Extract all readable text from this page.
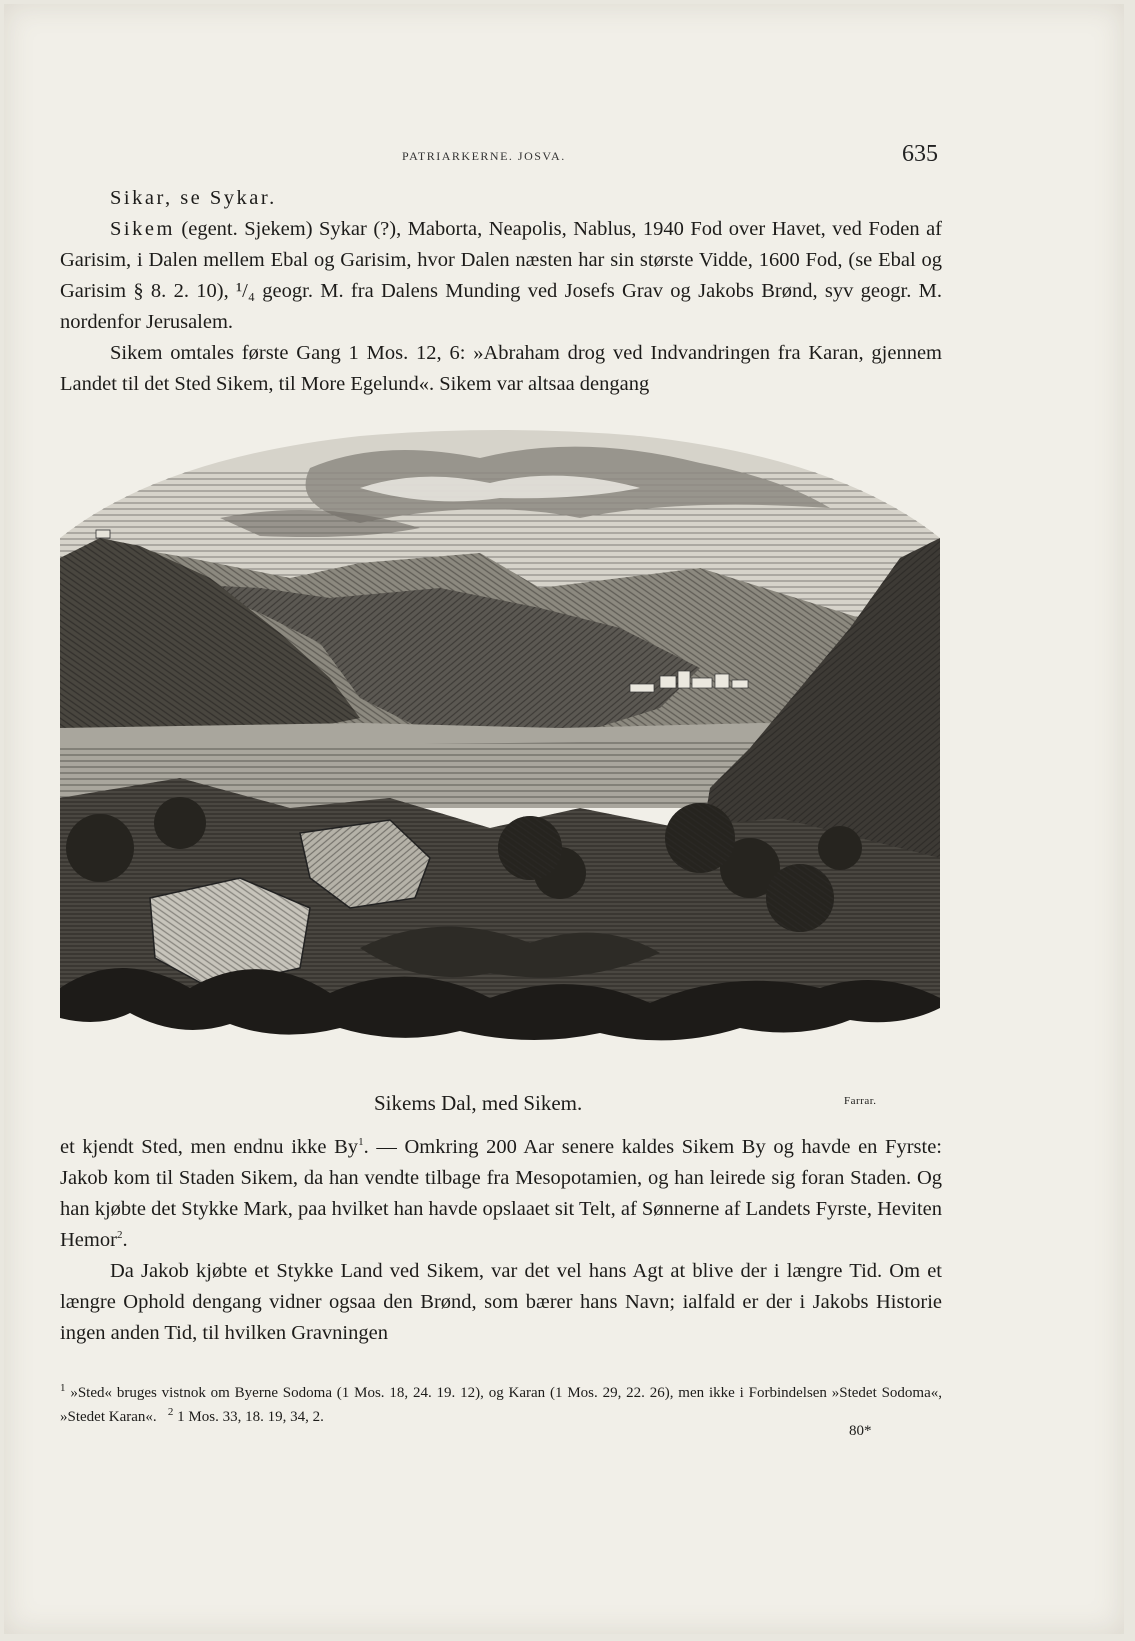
PATRIARKERNE. JOSVA.	635

Sikar, se Sykar.

Sikem (egent. Sjekem) Sykar (?), Maborta, Neapolis, Nablus, 1940 Fod over Havet, ved Foden af Garisim, i Dalen mellem Ebal og Garisim, hvor Dalen næsten har sin største Vidde, 1600 Fod, (se Ebal og Garisim § 8. 2. 10), ¹/₄ geogr. M. fra Dalens Munding ved Josefs Grav og Jakobs Brønd, syv geogr. M. nordenfor Jerusalem.

Sikem omtales første Gang 1 Mos. 12, 6: »Abraham drog ved Indvandringen fra Karan, gjennem Landet til det Sted Sikem, til More Egelund«. Sikem var altsaa dengang

Sikems Dal, med Sikem.	Farrar.

et kjendt Sted, men endnu ikke By$^1$. — Omkring 200 Aar senere kaldes Sikem By og havde en Fyrste: Jakob kom til Staden Sikem, da han vendte tilbage fra Mesopotamien, og han leirede sig foran Staden. Og han kjøbte det Stykke Mark, paa hvilket han havde opslaaet sit Telt, af Sønnerne af Landets Fyrste, Heviten Hemor$^2$.

Da Jakob kjøbte et Stykke Land ved Sikem, var det vel hans Agt at blive der i længre Tid. Om et længre Ophold dengang vidner ogsaa den Brønd, som bærer hans Navn; ialfald er der i Jakobs Historie ingen anden Tid, til hvilken Gravningen

$^1$ »Sted« bruges vistnok om Byerne Sodoma (1 Mos. 18, 24. 19. 12), og Karan (1 Mos. 29, 22. 26), men ikke i Forbindelsen »Stedet Sodoma«, »Stedet Karan«. $^2$ 1 Mos. 33, 18. 19, 34, 2.

80*
